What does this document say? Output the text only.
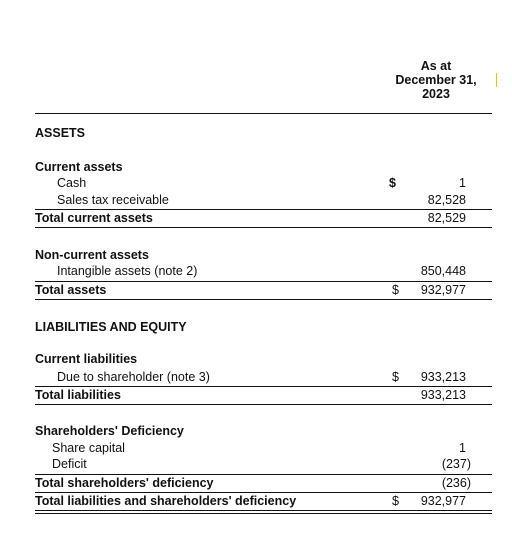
As at
December 31,
2023
ASSETS
Current assets
Cash	$	1
Sales tax receivable	82,528
Total current assets	82,529
Non-current assets
Intangible assets (note 2)	850,448
Total assets	$	932,977
LIABILITIES AND EQUITY
Current liabilities
Due to shareholder (note 3)	$	933,213
Total liabilities	933,213
Shareholders' Deficiency
Share capital	1
Deficit	(237)
Total shareholders' deficiency	(236)
Total liabilities and shareholders' deficiency	$	932,977
